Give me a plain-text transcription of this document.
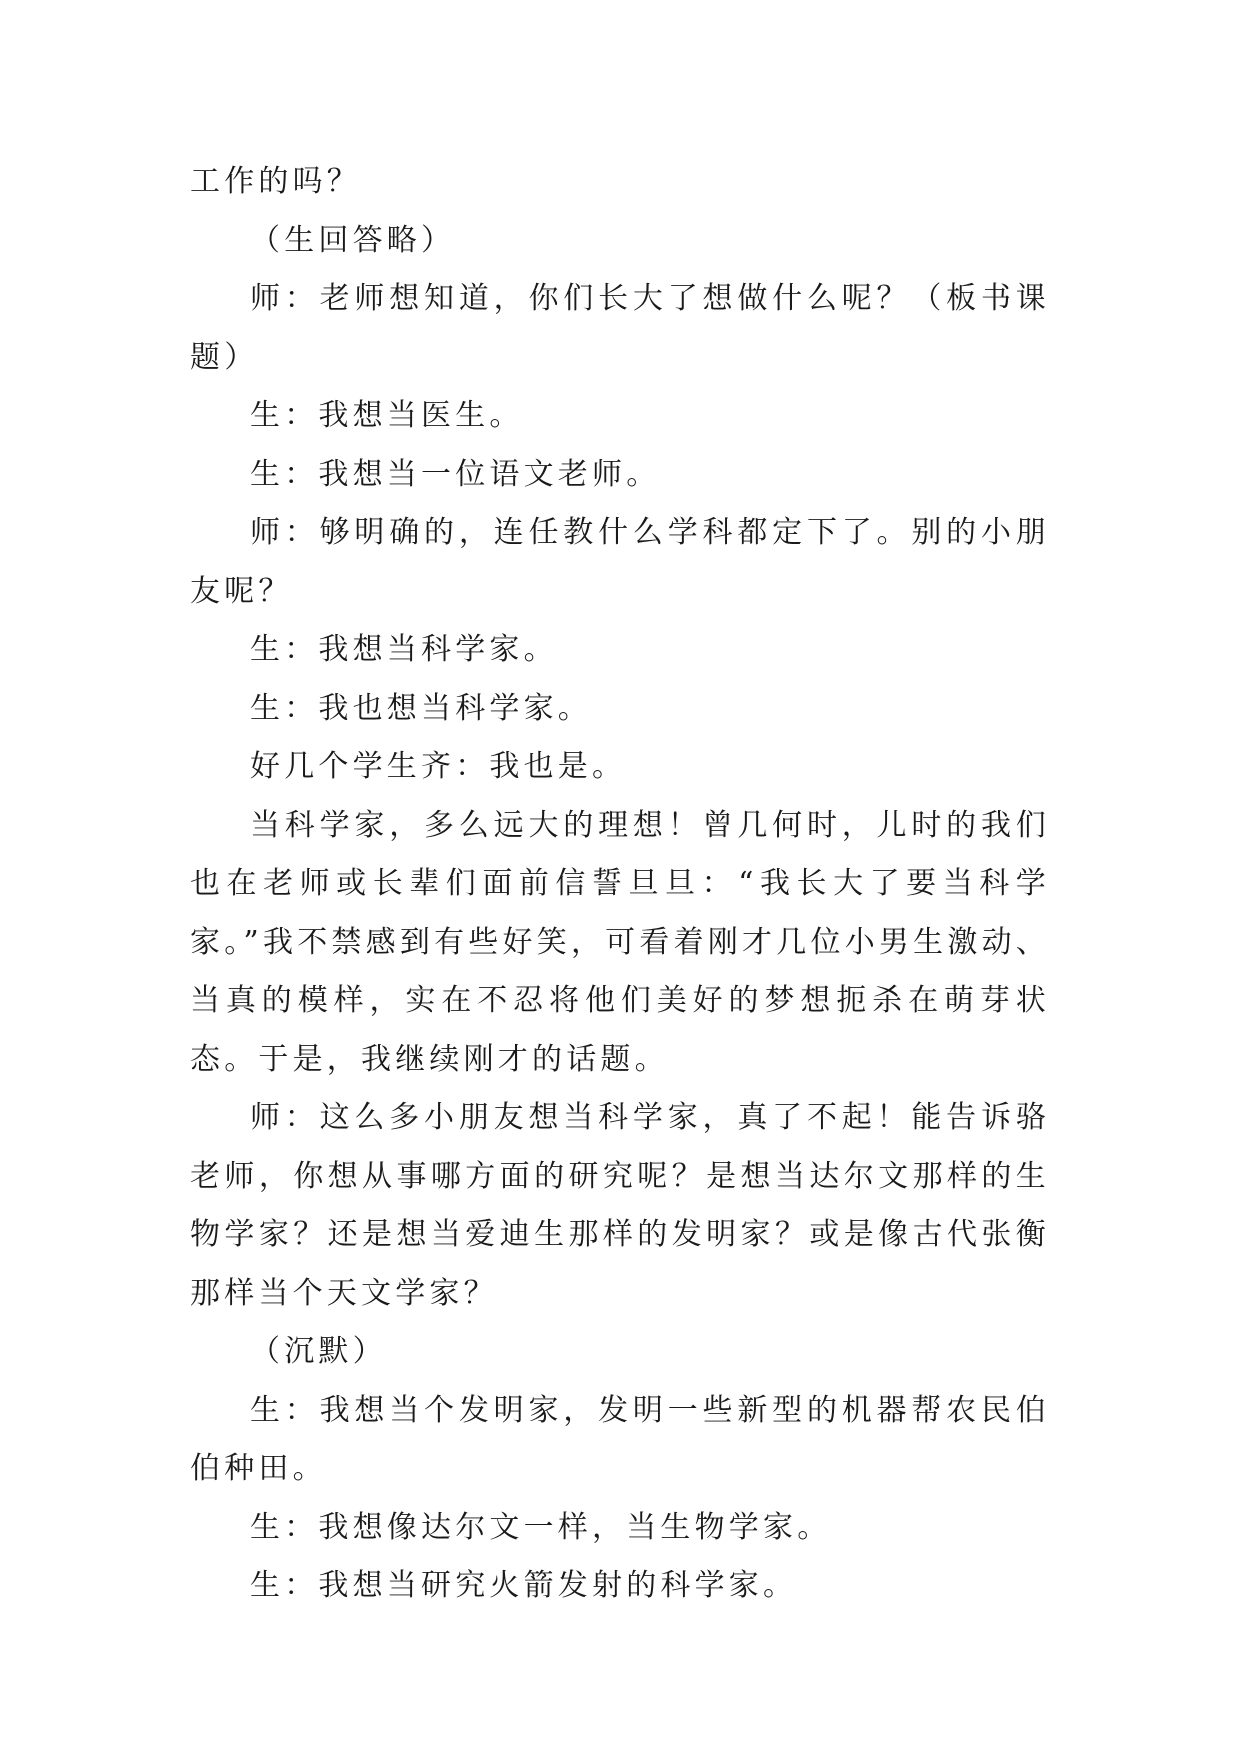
工作的吗？

（生回答略）

师：老师想知道，你们长大了想做什么呢？（板书课题）

生：我想当医生。

生：我想当一位语文老师。

师：够明确的，连任教什么学科都定下了。别的小朋友呢？

生：我想当科学家。

生：我也想当科学家。

好几个学生齐：我也是。

当科学家，多么远大的理想！曾几何时，儿时的我们也在老师或长辈们面前信誓旦旦：“我长大了要当科学家。”我不禁感到有些好笑，可看着刚才几位小男生激动、当真的模样，实在不忍将他们美好的梦想扼杀在萌芽状态。于是，我继续刚才的话题。

师：这么多小朋友想当科学家，真了不起！能告诉骆老师，你想从事哪方面的研究呢？是想当达尔文那样的生物学家？还是想当爱迪生那样的发明家？或是像古代张衡那样当个天文学家？

（沉默）

生：我想当个发明家，发明一些新型的机器帮农民伯伯种田。

生：我想像达尔文一样，当生物学家。

生：我想当研究火箭发射的科学家。
